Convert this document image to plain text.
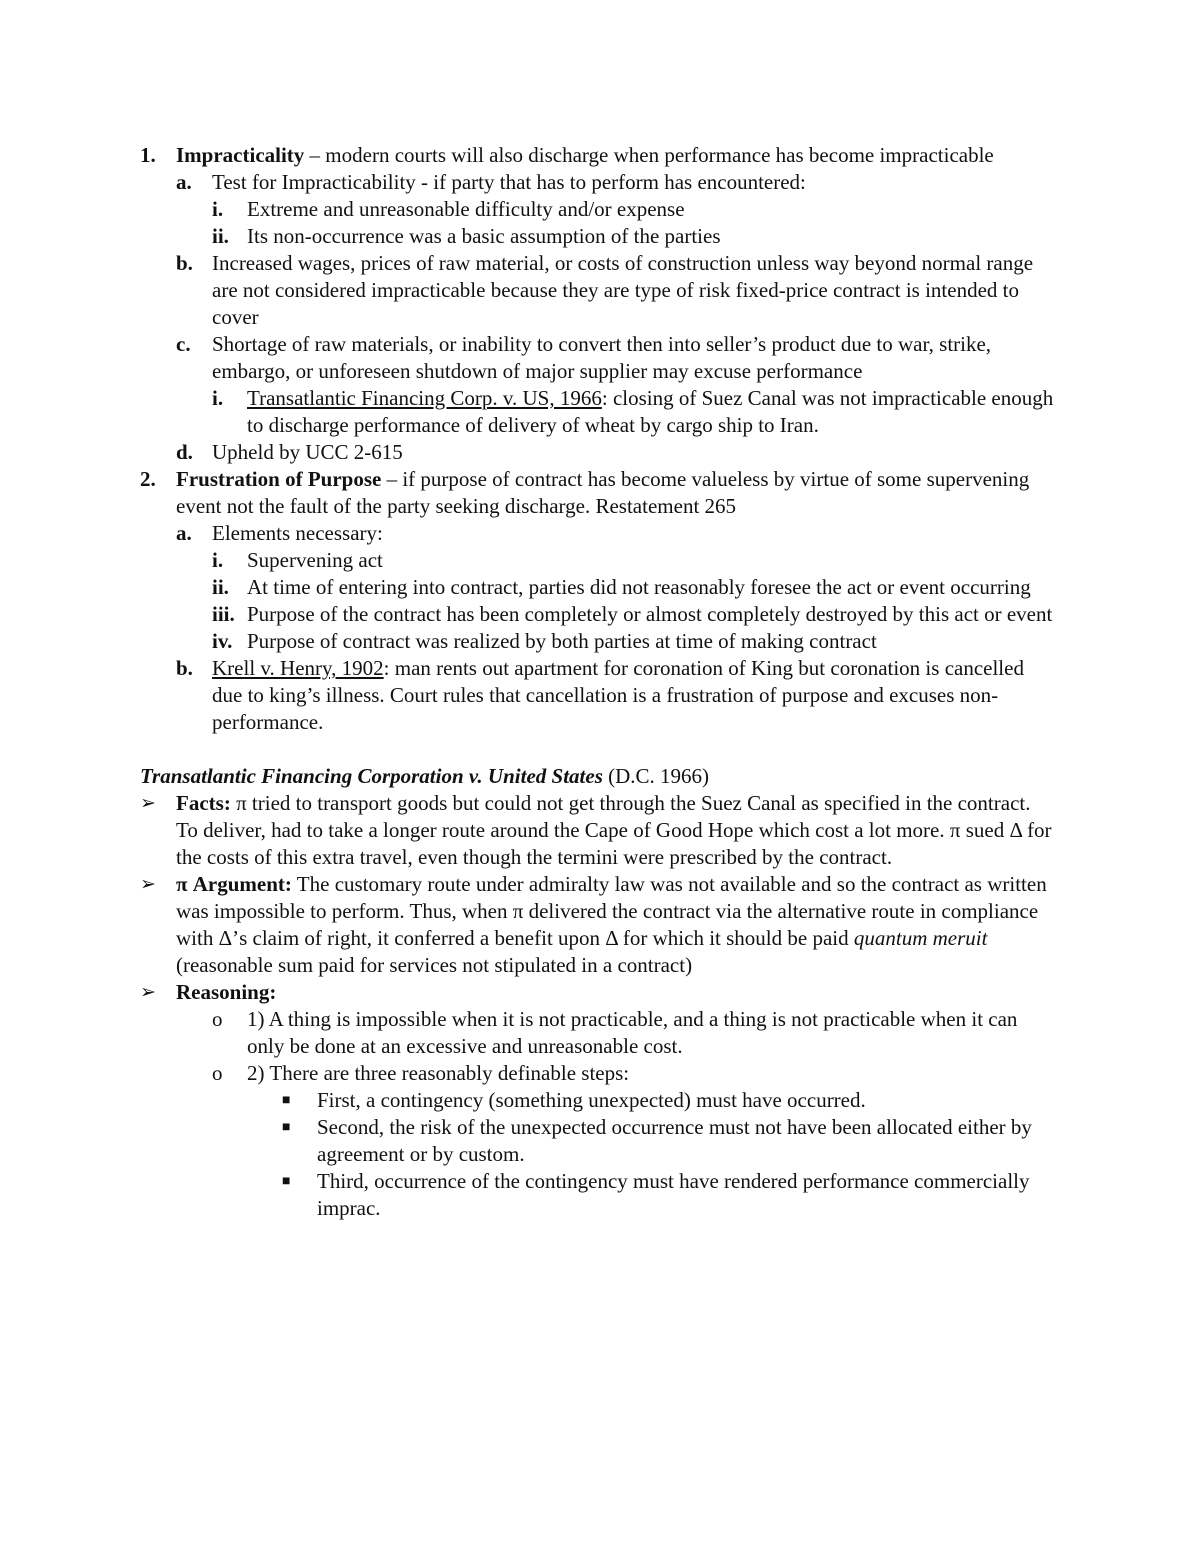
1. Impracticality – modern courts will also discharge when performance has become impracticable
a. Test for Impracticability - if party that has to perform has encountered:
i. Extreme and unreasonable difficulty and/or expense
ii. Its non-occurrence was a basic assumption of the parties
b. Increased wages, prices of raw material, or costs of construction unless way beyond normal range are not considered impracticable because they are type of risk fixed-price contract is intended to cover
c. Shortage of raw materials, or inability to convert then into seller’s product due to war, strike, embargo, or unforeseen shutdown of major supplier may excuse performance
i. Transatlantic Financing Corp. v. US, 1966: closing of Suez Canal was not impracticable enough to discharge performance of delivery of wheat by cargo ship to Iran.
d. Upheld by UCC 2-615
2. Frustration of Purpose – if purpose of contract has become valueless by virtue of some supervening event not the fault of the party seeking discharge. Restatement 265
a. Elements necessary:
i. Supervening act
ii. At time of entering into contract, parties did not reasonably foresee the act or event occurring
iii. Purpose of the contract has been completely or almost completely destroyed by this act or event
iv. Purpose of contract was realized by both parties at time of making contract
b. Krell v. Henry, 1902: man rents out apartment for coronation of King but coronation is cancelled due to king’s illness. Court rules that cancellation is a frustration of purpose and excuses non-performance.
Transatlantic Financing Corporation v. United States (D.C. 1966)
➢ Facts: π tried to transport goods but could not get through the Suez Canal as specified in the contract. To deliver, had to take a longer route around the Cape of Good Hope which cost a lot more. π sued Δ for the costs of this extra travel, even though the termini were prescribed by the contract.
➢ π Argument: The customary route under admiralty law was not available and so the contract as written was impossible to perform. Thus, when π delivered the contract via the alternative route in compliance with Δ’s claim of right, it conferred a benefit upon Δ for which it should be paid quantum meruit (reasonable sum paid for services not stipulated in a contract)
➢ Reasoning:
o 1) A thing is impossible when it is not practicable, and a thing is not practicable when it can only be done at an excessive and unreasonable cost.
o 2) There are three reasonably definable steps:
■ First, a contingency (something unexpected) must have occurred.
■ Second, the risk of the unexpected occurrence must not have been allocated either by agreement or by custom.
■ Third, occurrence of the contingency must have rendered performance commercially imprac.
